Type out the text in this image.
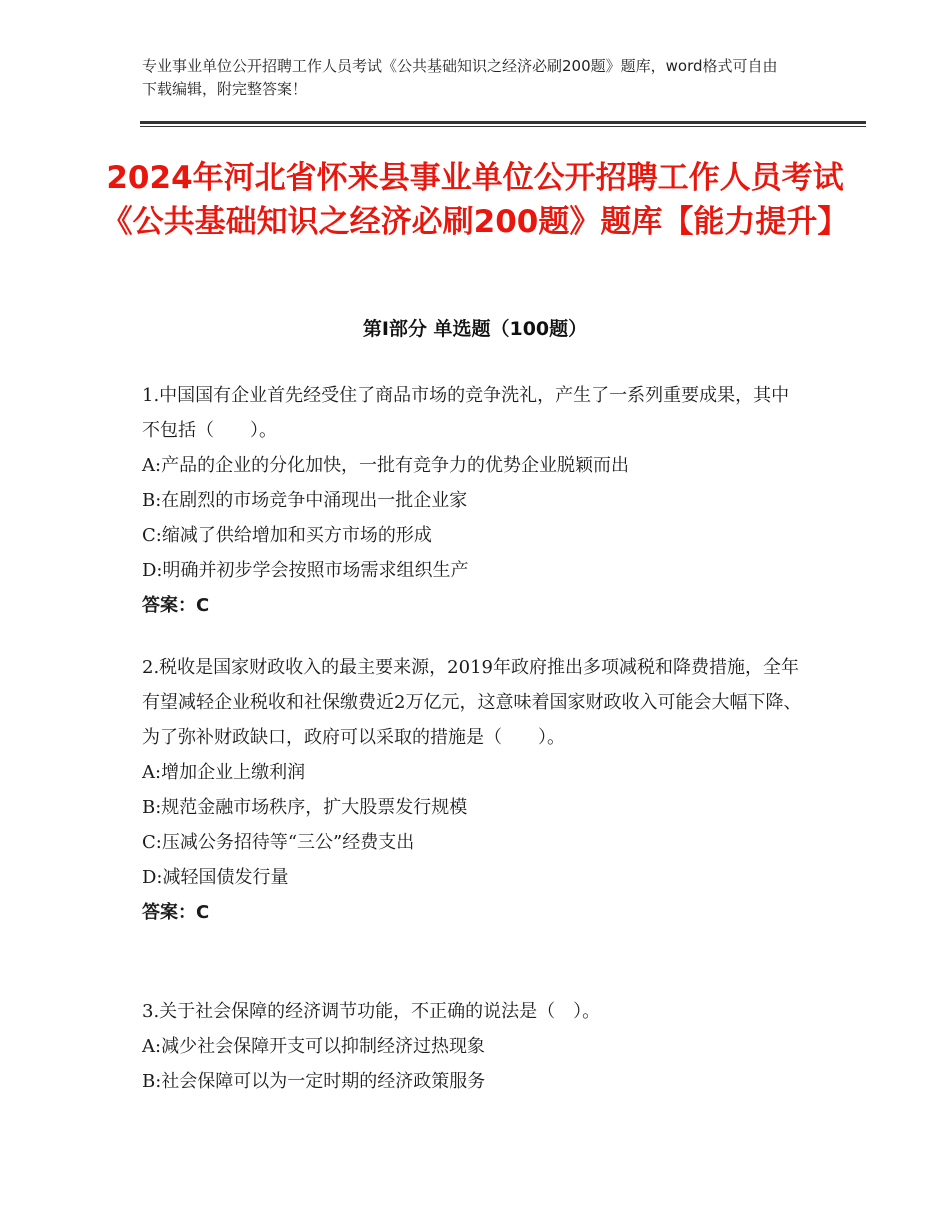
专业事业单位公开招聘工作人员考试《公共基础知识之经济必刷200题》题库，word格式可自由下载编辑，附完整答案！
2024年河北省怀来县事业单位公开招聘工作人员考试《公共基础知识之经济必刷200题》题库【能力提升】
第Ⅰ部分 单选题（100题）

1.中国国有企业首先经受住了商品市场的竞争洗礼，产生了一系列重要成果，其中不包括（　　）。

A:产品的企业的分化加快，一批有竞争力的优势企业脱颖而出

B:在剧烈的市场竞争中涌现出一批企业家

C:缩减了供给增加和买方市场的形成

D:明确并初步学会按照市场需求组织生产

答案：C

2.税收是国家财政收入的最主要来源，2019年政府推出多项减税和降费措施，全年有望减轻企业税收和社保缴费近2万亿元，这意味着国家财政收入可能会大幅下降、为了弥补财政缺口，政府可以采取的措施是（　　）。

A:增加企业上缴利润

B:规范金融市场秩序，扩大股票发行规模

C:压减公务招待等“三公”经费支出

D:减轻国债发行量

答案：C

3.关于社会保障的经济调节功能，不正确的说法是（　）。

A:减少社会保障开支可以抑制经济过热现象

B:社会保障可以为一定时期的经济政策服务
